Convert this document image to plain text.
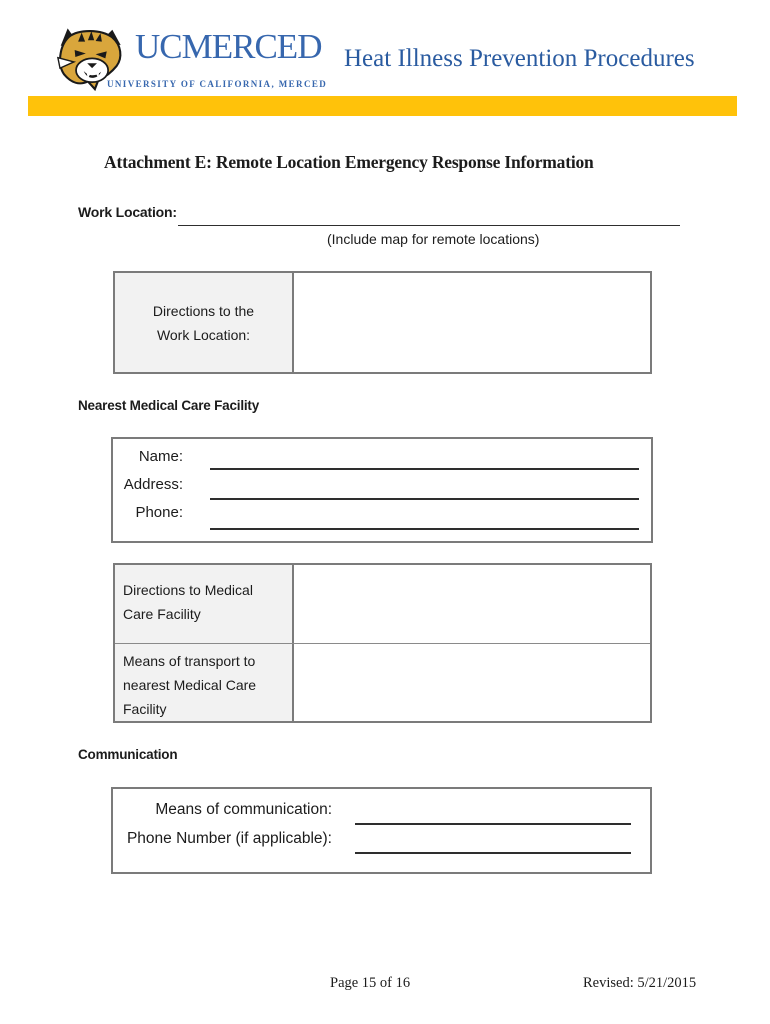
UCMERCED
UNIVERSITY OF CALIFORNIA, MERCED
Heat Illness Prevention Procedures
Attachment E: Remote Location Emergency Response Information
Work Location:
(Include map for remote locations)
Directions to the Work Location:
Nearest Medical Care Facility
Name:
Address:
Phone:
Directions to Medical Care Facility
Means of transport to nearest Medical Care Facility
Communication
Means of communication:
Phone Number (if applicable):
Page 15 of 16	Revised: 5/21/2015
